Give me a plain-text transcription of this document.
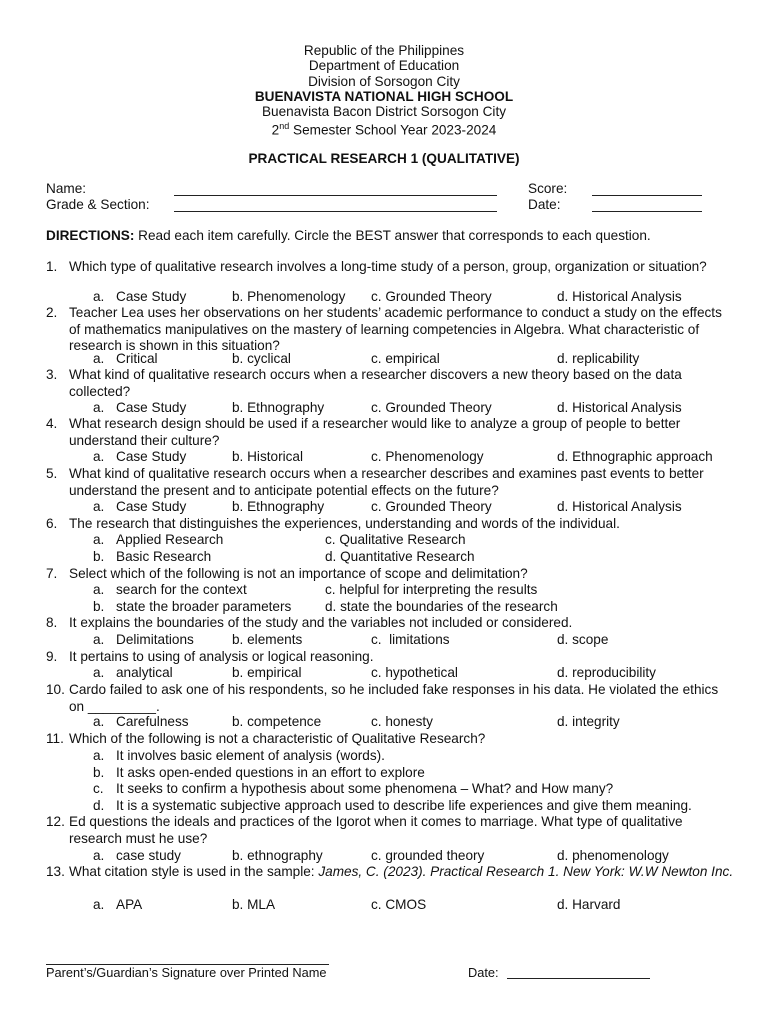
Republic of the Philippines
Department of Education
Division of Sorsogon City
BUENAVISTA NATIONAL HIGH SCHOOL
Buenavista Bacon District Sorsogon City
2nd Semester School Year 2023-2024
PRACTICAL RESEARCH 1 (QUALITATIVE)
Name:
Grade & Section:
Score:
Date:
DIRECTIONS: Read each item carefully. Circle the BEST answer that corresponds to each question.
1. Which type of qualitative research involves a long-time study of a person, group, organization or situation?
a. Case Study	b. Phenomenology c. Grounded Theory	d. Historical Analysis
2. Teacher Lea uses her observations on her students’ academic performance to conduct a study on the effects of mathematics manipulatives on the mastery of learning competencies in Algebra. What characteristic of research is shown in this situation?
a. Critical	b. cyclical	c. empirical	d. replicability
3. What kind of qualitative research occurs when a researcher discovers a new theory based on the data collected?
a. Case Study	b. Ethnography	c. Grounded Theory	d. Historical Analysis
4. What research design should be used if a researcher would like to analyze a group of people to better understand their culture?
a. Case Study	b. Historical	c. Phenomenology	d. Ethnographic approach
5. What kind of qualitative research occurs when a researcher describes and examines past events to better understand the present and to anticipate potential effects on the future?
a. Case Study	b. Ethnography	c. Grounded Theory	d. Historical Analysis
6. The research that distinguishes the experiences, understanding and words of the individual.
a. Applied Research	c. Qualitative Research
b. Basic Research	d. Quantitative Research
7. Select which of the following is not an importance of scope and delimitation?
a. search for the context	c. helpful for interpreting the results
b. state the broader parameters d. state the boundaries of the research
8. It explains the boundaries of the study and the variables not included or considered.
a. Delimitations	b. elements	c.  limitations	d. scope
9. It pertains to using of analysis or logical reasoning.
a. analytical	b. empirical	c. hypothetical	d. reproducibility
10. Cardo failed to ask one of his respondents, so he included fake responses in his data. He violated the ethics on _________.
a. Carefulness	b. competence	c. honesty	d. integrity
11. Which of the following is not a characteristic of Qualitative Research?
a. It involves basic element of analysis (words).
b. It asks open-ended questions in an effort to explore
c. It seeks to confirm a hypothesis about some phenomena – What? and How many?
d. It is a systematic subjective approach used to describe life experiences and give them meaning.
12. Ed questions the ideals and practices of the Igorot when it comes to marriage. What type of qualitative research must he use?
a. case study	b. ethnography	c. grounded theory	d. phenomenology
13. What citation style is used in the sample: James, C. (2023). Practical Research 1. New York: W.W Newton Inc.
a. APA	b. MLA	c. CMOS	d. Harvard
Parent’s/Guardian’s Signature over Printed Name	Date:
